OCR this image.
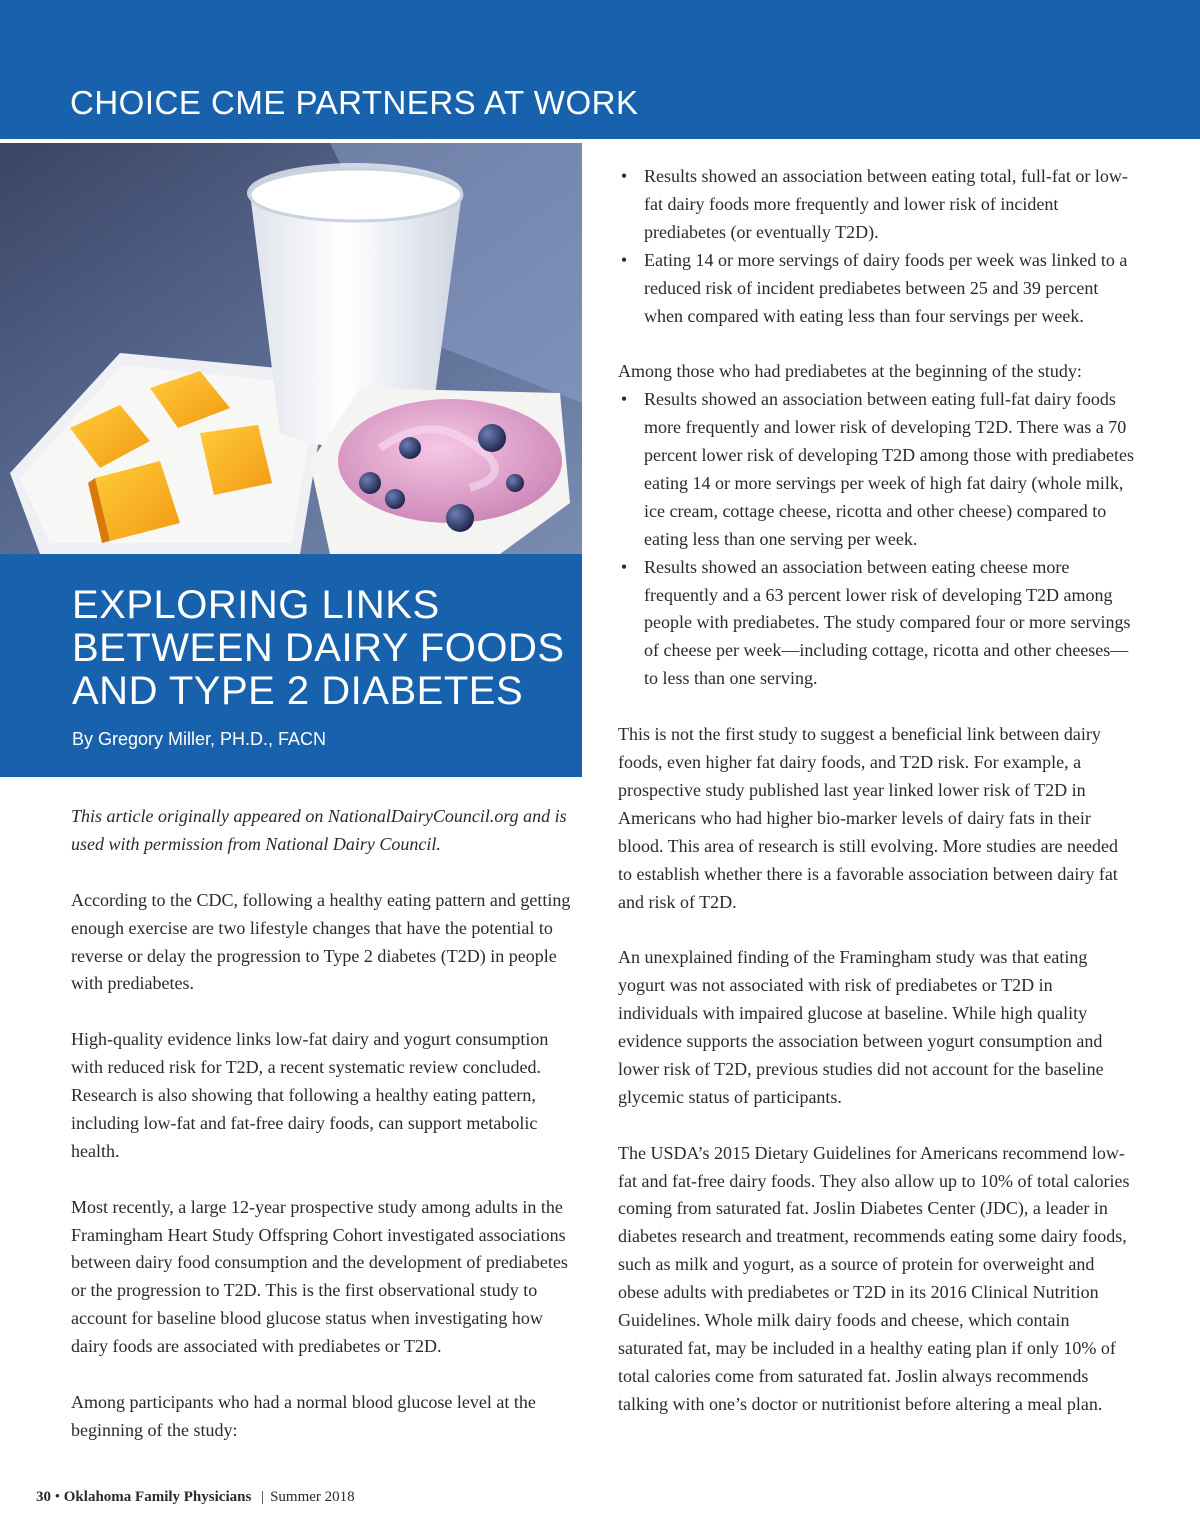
CHOICE CME PARTNERS AT WORK
EXPLORING LINKS
BETWEEN DAIRY FOODS
AND TYPE 2 DIABETES
By Gregory Miller, PH.D., FACN

This article originally appeared on NationalDairyCouncil.org and is used with permission from National Dairy Council.

According to the CDC, following a healthy eating pattern and getting enough exercise are two lifestyle changes that have the potential to reverse or delay the progression to Type 2 diabetes (T2D) in people with prediabetes.

High-quality evidence links low-fat dairy and yogurt consumption with reduced risk for T2D, a recent systematic review concluded. Research is also showing that following a healthy eating pattern, including low-fat and fat-free dairy foods, can support metabolic health.

Most recently, a large 12-year prospective study among adults in the Framingham Heart Study Offspring Cohort investigated associations between dairy food consumption and the development of prediabetes or the progression to T2D. This is the first observational study to account for baseline blood glucose status when investigating how dairy foods are associated with prediabetes or T2D.

Among participants who had a normal blood glucose level at the beginning of the study:

• Results showed an association between eating total, full-fat or low-fat dairy foods more frequently and lower risk of incident prediabetes (or eventually T2D).
• Eating 14 or more servings of dairy foods per week was linked to a reduced risk of incident prediabetes between 25 and 39 percent when compared with eating less than four servings per week.

Among those who had prediabetes at the beginning of the study:

• Results showed an association between eating full-fat dairy foods more frequently and lower risk of developing T2D. There was a 70 percent lower risk of developing T2D among those with prediabetes eating 14 or more servings per week of high fat dairy (whole milk, ice cream, cottage cheese, ricotta and other cheese) compared to eating less than one serving per week.
• Results showed an association between eating cheese more frequently and a 63 percent lower risk of developing T2D among people with prediabetes. The study compared four or more servings of cheese per week—including cottage, ricotta and other cheeses—to less than one serving.

This is not the first study to suggest a beneficial link between dairy foods, even higher fat dairy foods, and T2D risk. For example, a prospective study published last year linked lower risk of T2D in Americans who had higher bio-marker levels of dairy fats in their blood. This area of research is still evolving. More studies are needed to establish whether there is a favorable association between dairy fat and risk of T2D.

An unexplained finding of the Framingham study was that eating yogurt was not associated with risk of prediabetes or T2D in individuals with impaired glucose at baseline. While high quality evidence supports the association between yogurt consumption and lower risk of T2D, previous studies did not account for the baseline glycemic status of participants.

The USDA’s 2015 Dietary Guidelines for Americans recommend low-fat and fat-free dairy foods. They also allow up to 10% of total calories coming from saturated fat. Joslin Diabetes Center (JDC), a leader in diabetes research and treatment, recommends eating some dairy foods, such as milk and yogurt, as a source of protein for overweight and obese adults with prediabetes or T2D in its 2016 Clinical Nutrition Guidelines. Whole milk dairy foods and cheese, which contain saturated fat, may be included in a healthy eating plan if only 10% of total calories come from saturated fat. Joslin always recommends talking with one’s doctor or nutritionist before altering a meal plan.

30 • Oklahoma Family Physicians | Summer 2018
